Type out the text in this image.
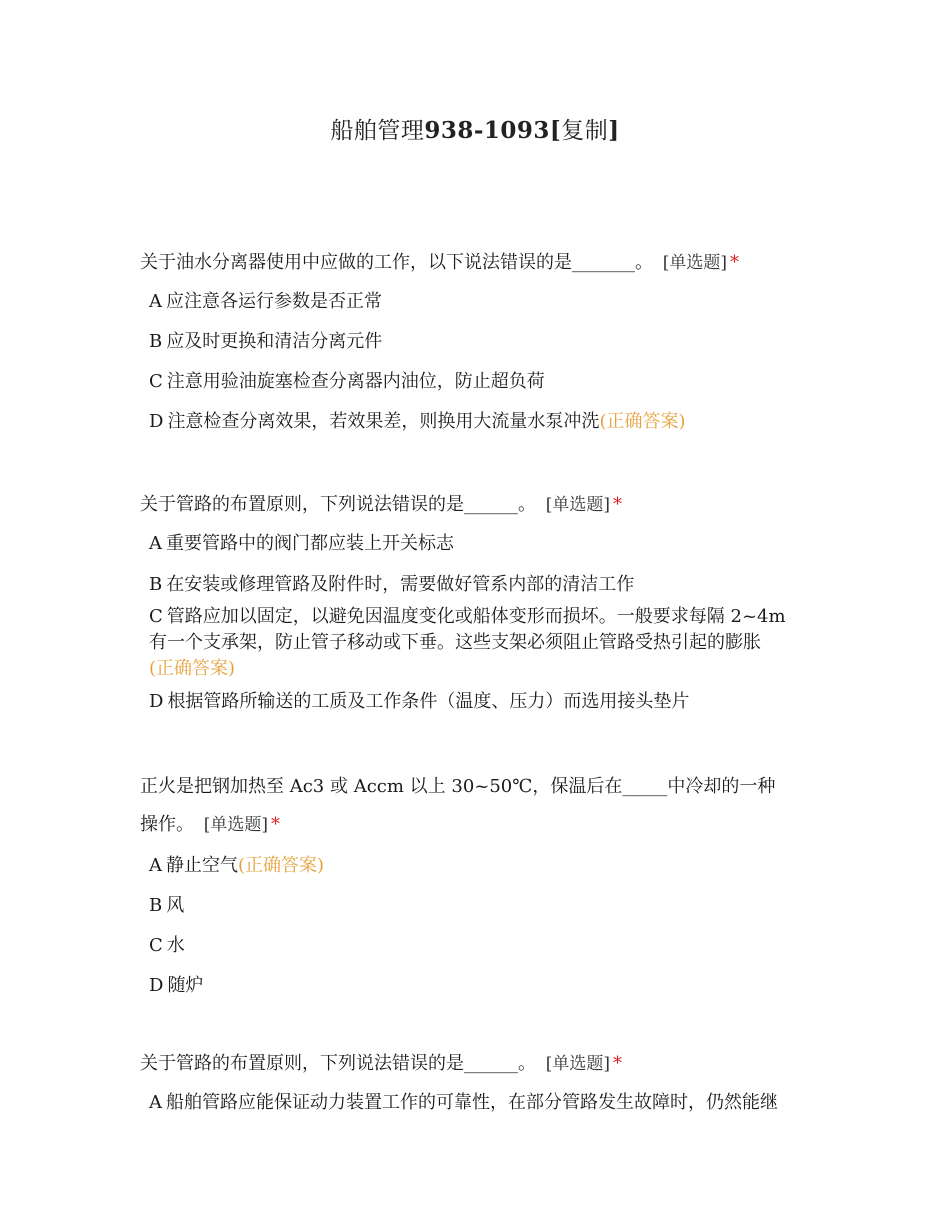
船舶管理938-1093[复制]
关于油水分离器使用中应做的工作，以下说法错误的是_______。 [单选题] *
A 应注意各运行参数是否正常
B 应及时更换和清洁分离元件
C 注意用验油旋塞检查分离器内油位，防止超负荷
D 注意检查分离效果，若效果差，则换用大流量水泵冲洗(正确答案)
关于管路的布置原则，下列说法错误的是______。 [单选题] *
A 重要管路中的阀门都应装上开关标志
B 在安装或修理管路及附件时，需要做好管系内部的清洁工作
C 管路应加以固定，以避免因温度变化或船体变形而损坏。一般要求每隔 2~4m 有一个支承架，防止管子移动或下垂。这些支架必须阻止管路受热引起的膨胀
(正确答案)
D 根据管路所输送的工质及工作条件（温度、压力）而选用接头垫片
正火是把钢加热至 Ac3 或 Accm 以上 30~50℃，保温后在_____中冷却的一种操作。 [单选题] *
A 静止空气(正确答案)
B 风
C 水
D 随炉
关于管路的布置原则，下列说法错误的是______。 [单选题] *
A 船舶管路应能保证动力装置工作的可靠性，在部分管路发生故障时，仍然能继
